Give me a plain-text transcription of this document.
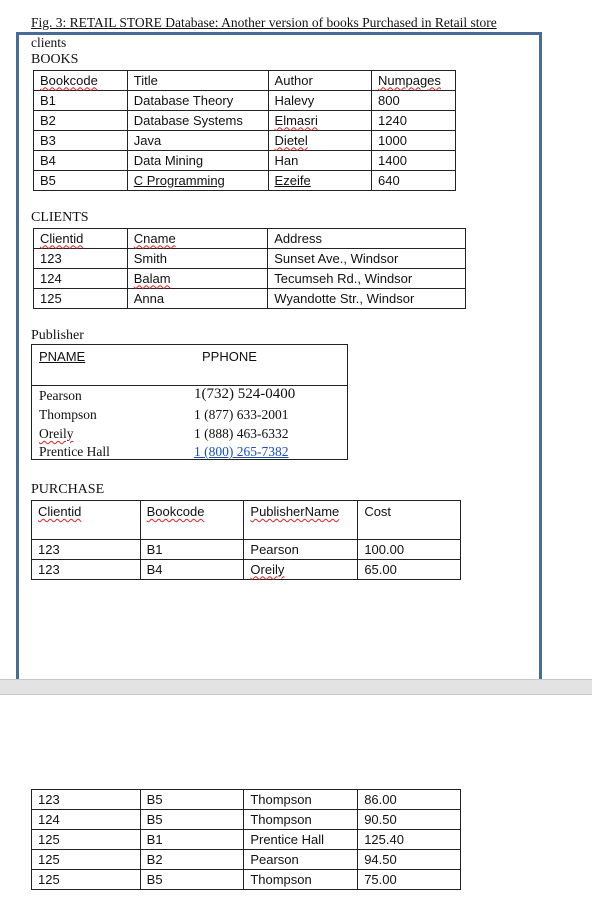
Fig. 3: RETAIL STORE Database: Another version of books Purchased in Retail store
clients
BOOKS
Bookcode	Title	Author	Numpages
B1	Database Theory	Halevy	800
B2	Database Systems	Elmasri	1240
B3	Java	Dietel	1000
B4	Data Mining	Han	1400
B5	C Programming	Ezeife	640
CLIENTS
Clientid	Cname	Address
123	Smith	Sunset Ave., Windsor
124	Balam	Tecumseh Rd., Windsor
125	Anna	Wyandotte Str., Windsor
Publisher
PNAME	PPHONE
Pearson	1(732) 524-0400
Thompson	1 (877) 633-2001
Oreily	1 (888) 463-6332
Prentice Hall	1 (800) 265-7382
PURCHASE
Clientid	Bookcode	PublisherName	Cost
123	B1	Pearson	100.00
123	B4	Oreily	65.00
123	B5	Thompson	86.00
124	B5	Thompson	90.50
125	B1	Prentice Hall	125.40
125	B2	Pearson	94.50
125	B5	Thompson	75.00
